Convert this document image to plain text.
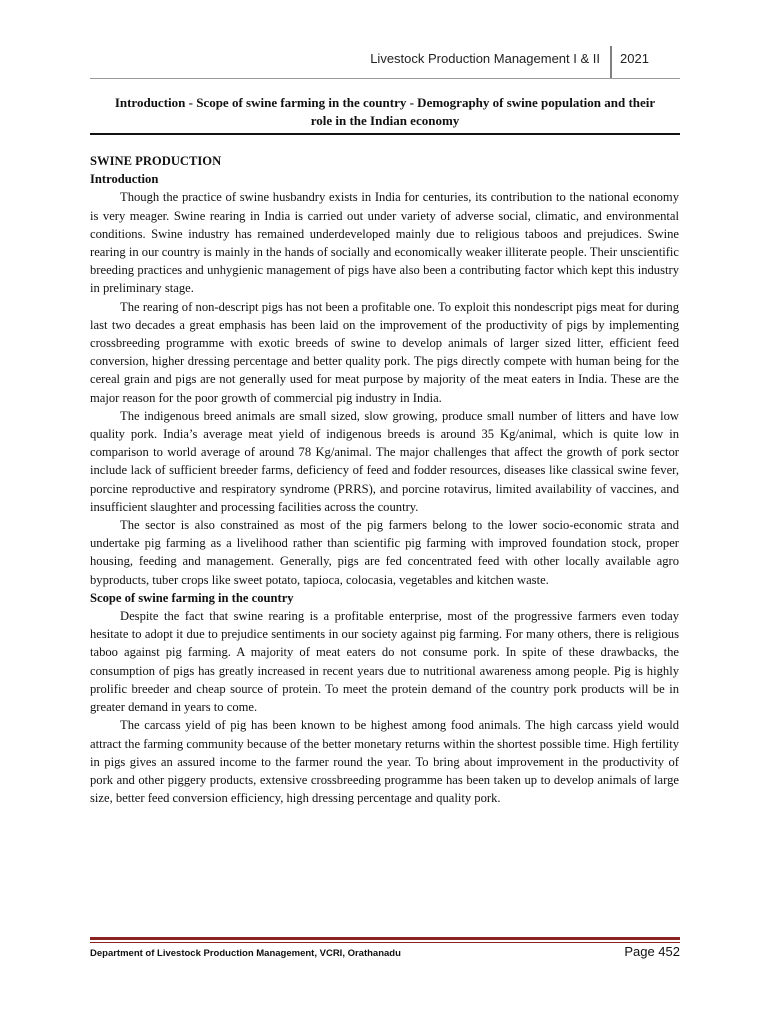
Livestock Production Management I & II 2021
Introduction - Scope of swine farming in the country - Demography of swine population and their
role in the Indian economy
SWINE PRODUCTION
Introduction

Though the practice of swine husbandry exists in India for centuries, its contribution to the national economy is very meager. Swine rearing in India is carried out under variety of adverse social, climatic, and environmental conditions. Swine industry has remained underdeveloped mainly due to religious taboos and prejudices. Swine rearing in our country is mainly in the hands of socially and economically weaker illiterate people. Their unscientific breeding practices and unhygienic management of pigs have also been a contributing factor which kept this industry in preliminary stage.

The rearing of non-descript pigs has not been a profitable one. To exploit this nondescript pigs meat for during last two decades a great emphasis has been laid on the improvement of the productivity of pigs by implementing crossbreeding programme with exotic breeds of swine to develop animals of larger sized litter, efficient feed conversion, higher dressing percentage and better quality pork. The pigs directly compete with human being for the cereal grain and pigs are not generally used for meat purpose by majority of the meat eaters in India. These are the major reason for the poor growth of commercial pig industry in India.

The indigenous breed animals are small sized, slow growing, produce small number of litters and have low quality pork. India’s average meat yield of indigenous breeds is around 35 Kg/animal, which is quite low in comparison to world average of around 78 Kg/animal. The major challenges that affect the growth of pork sector include lack of sufficient breeder farms, deficiency of feed and fodder resources, diseases like classical swine fever, porcine reproductive and respiratory syndrome (PRRS), and porcine rotavirus, limited availability of vaccines, and insufficient slaughter and processing facilities across the country.

The sector is also constrained as most of the pig farmers belong to the lower socio-economic strata and undertake pig farming as a livelihood rather than scientific pig farming with improved foundation stock, proper housing, feeding and management. Generally, pigs are fed concentrated feed with other locally available agro byproducts, tuber crops like sweet potato, tapioca, colocasia, vegetables and kitchen waste.

Scope of swine farming in the country

Despite the fact that swine rearing is a profitable enterprise, most of the progressive farmers even today hesitate to adopt it due to prejudice sentiments in our society against pig farming. For many others, there is religious taboo against pig farming. A majority of meat eaters do not consume pork. In spite of these drawbacks, the consumption of pigs has greatly increased in recent years due to nutritional awareness among people. Pig is highly prolific breeder and cheap source of protein. To meet the protein demand of the country pork products will be in greater demand in years to come.

The carcass yield of pig has been known to be highest among food animals. The high carcass yield would attract the farming community because of the better monetary returns within the shortest possible time. High fertility in pigs gives an assured income to the farmer round the year. To bring about improvement in the productivity of pork and other piggery products, extensive crossbreeding programme has been taken up to develop animals of large size, better feed conversion efficiency, high dressing percentage and quality pork.

Department of Livestock Production Management, VCRI, Orathanadu	Page 452
